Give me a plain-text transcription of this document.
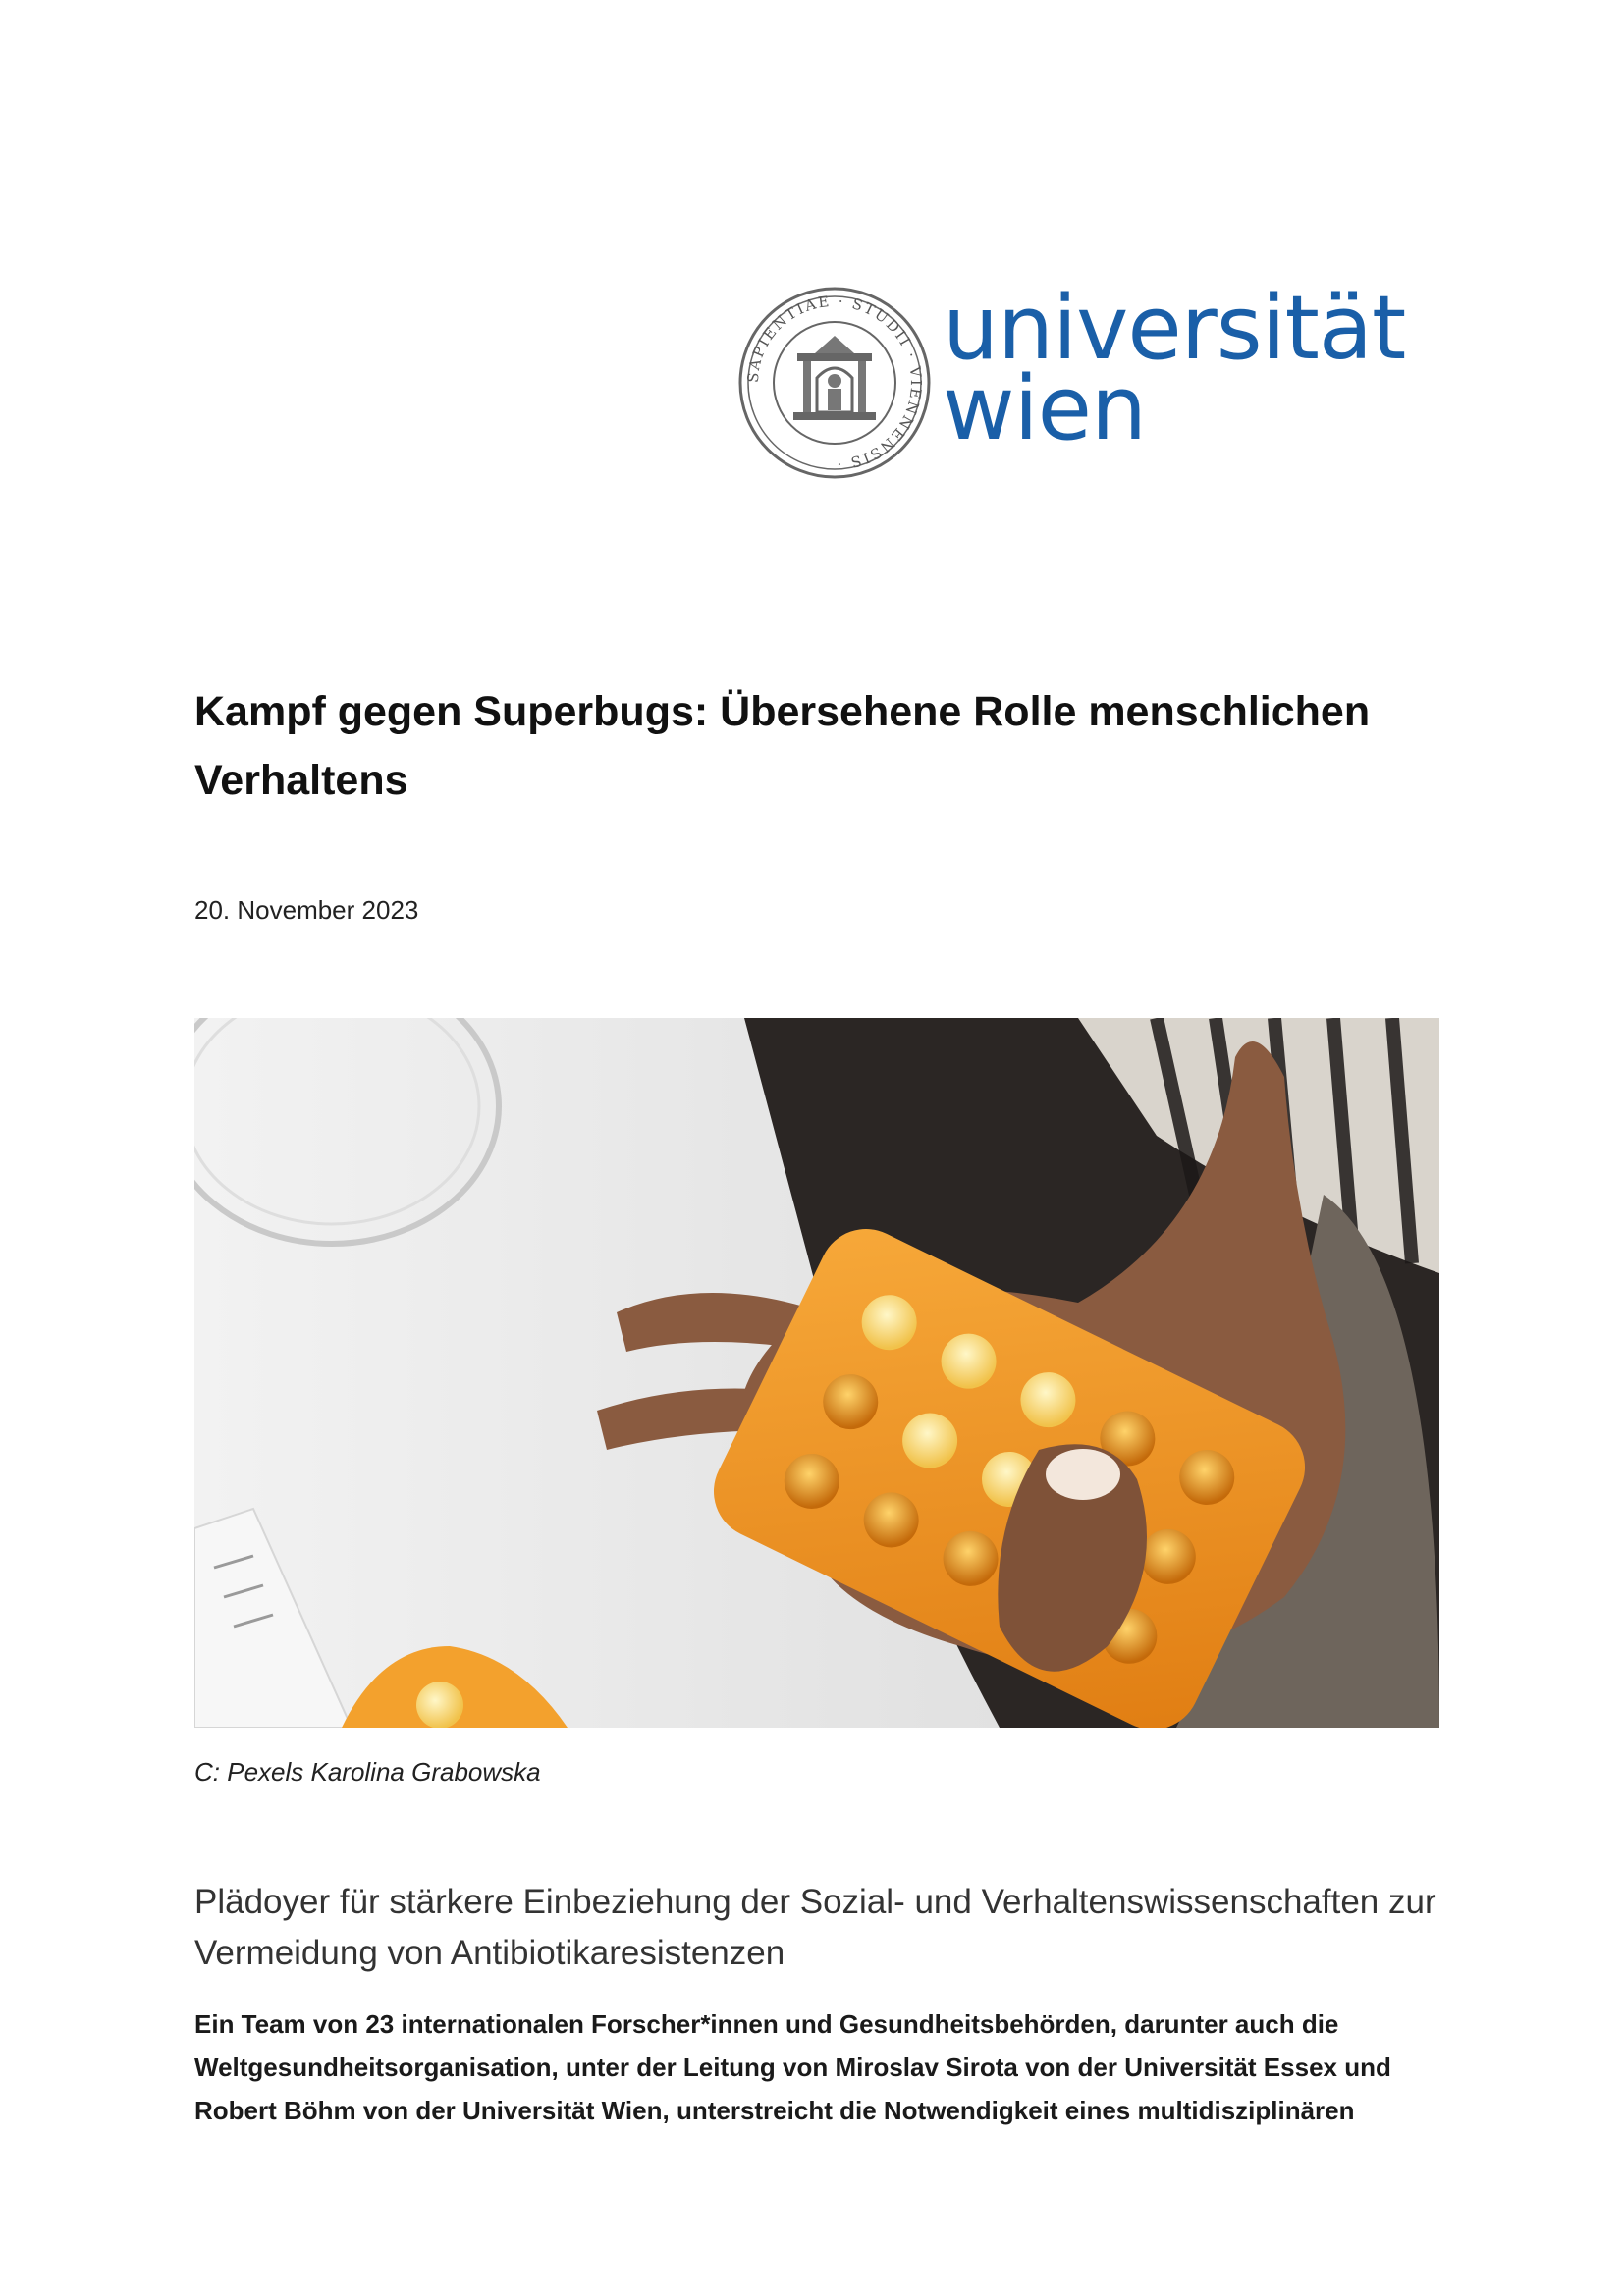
SAPIENTIAE · STUDII · VIENNENSIS ·
universität
wien
Kampf gegen Superbugs: Übersehene Rolle menschlichen Verhaltens
20. November 2023
C: Pexels Karolina Grabowska
Plädoyer für stärkere Einbeziehung der Sozial- und Verhaltenswissenschaften zur Vermeidung von Antibiotikaresistenzen
Ein Team von 23 internationalen Forscher*innen und Gesundheitsbehörden, darunter auch die Weltgesundheitsorganisation, unter der Leitung von Miroslav Sirota von der Universität Essex und Robert Böhm von der Universität Wien, unterstreicht die Notwendigkeit eines multidisziplinären
